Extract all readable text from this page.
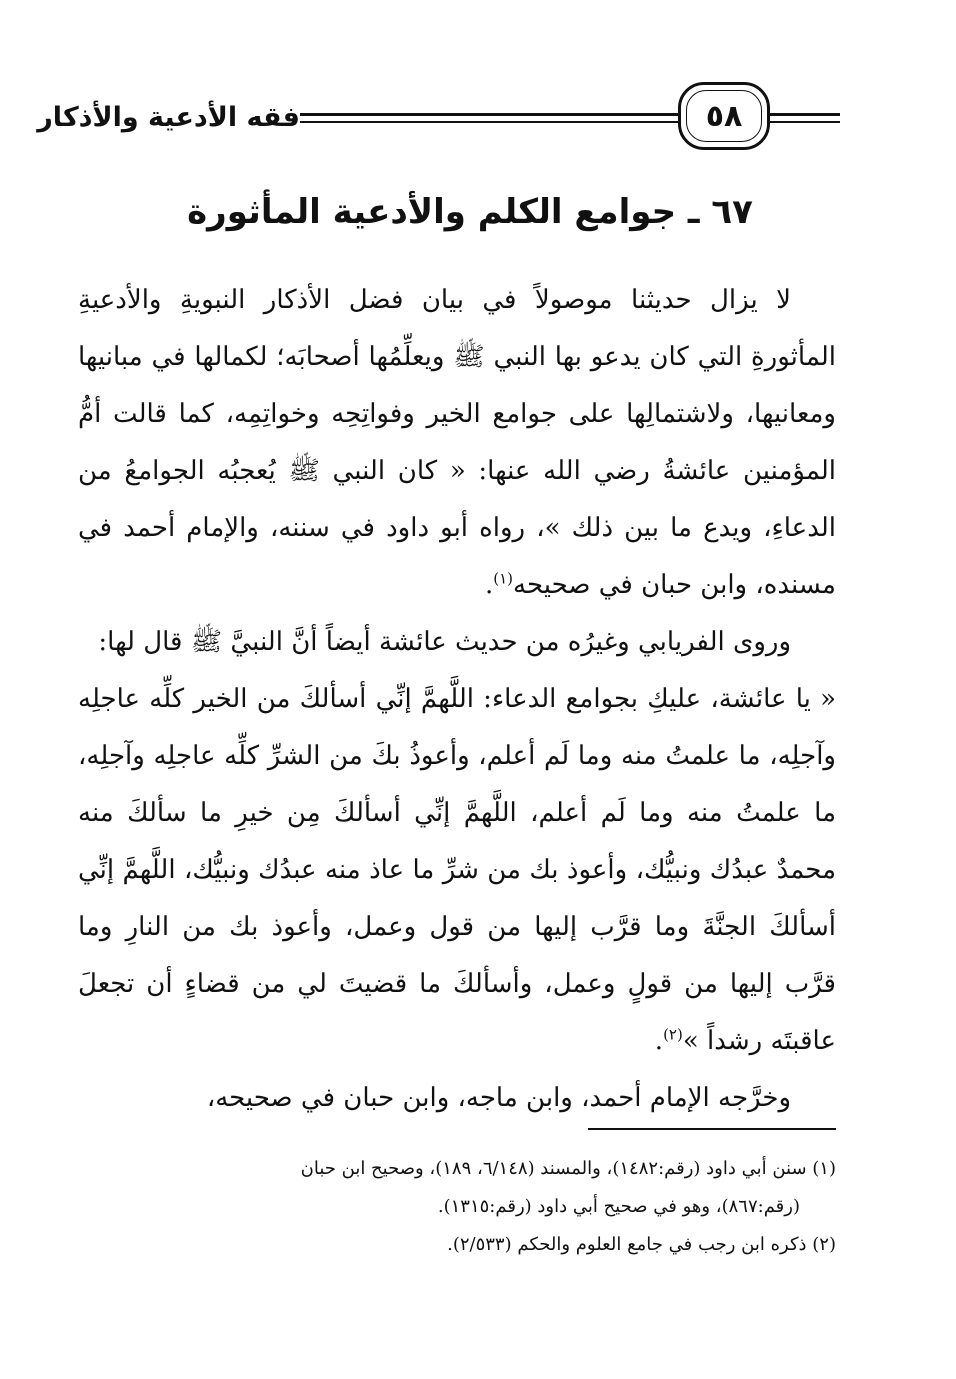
فقه الأدعية والأذكار	٥٨
٦٧ ـ جوامع الكلم والأدعية المأثورة

لا يزال حديثنا موصولاً في بيان فضل الأذكار النبويةِ والأدعيةِ المأثورةِ التي كان يدعو بها النبي ﷺ ويعلِّمُها أصحابَه؛ لكمالها في مبانيها ومعانيها، ولاشتمالِها على جوامع الخير وفواتِحِه وخواتِمِه، كما قالت أمُّ المؤمنين عائشةُ رضي الله عنها: « كان النبي ﷺ يُعجبُه الجوامعُ من الدعاءِ، ويدع ما بين ذلك »، رواه أبو داود في سننه، والإمام أحمد في مسنده، وابن حبان في صحيحه$^{(١)}$.

وروى الفريابي وغيرُه من حديث عائشة أيضاً أنَّ النبيَّ ﷺ قال لها:

« يا عائشة، عليكِ بجوامع الدعاء: اللَّهمَّ إنِّي أسألكَ من الخير كلِّه عاجلِه وآجلِه، ما علمتُ منه وما لَم أعلم، وأعوذُ بكَ من الشرِّ كلِّه عاجلِه وآجلِه، ما علمتُ منه وما لَم أعلم، اللَّهمَّ إنِّي أسألكَ مِن خيرِ ما سألكَ منه محمدٌ عبدُك ونبيُّك، وأعوذ بك من شرِّ ما عاذ منه عبدُك ونبيُّك، اللَّهمَّ إنِّي أسألكَ الجنَّةَ وما قرَّب إليها من قول وعمل، وأعوذ بك من النارِ وما قرَّب إليها من قولٍ وعمل، وأسألكَ ما قضيتَ لي من قضاءٍ أن تجعلَ عاقبتَه رشداً »$^{(٢)}$.

وخرَّجه الإمام أحمد، وابن ماجه، وابن حبان في صحيحه،

(١) سنن أبي داود (رقم:١٤٨٢)، والمسند (٦/١٤٨، ١٨٩)، وصحيح ابن حبان

(رقم:٨٦٧)، وهو في صحيح أبي داود (رقم:١٣١٥).

(٢) ذكره ابن رجب في جامع العلوم والحكم (٢/٥٣٣).
